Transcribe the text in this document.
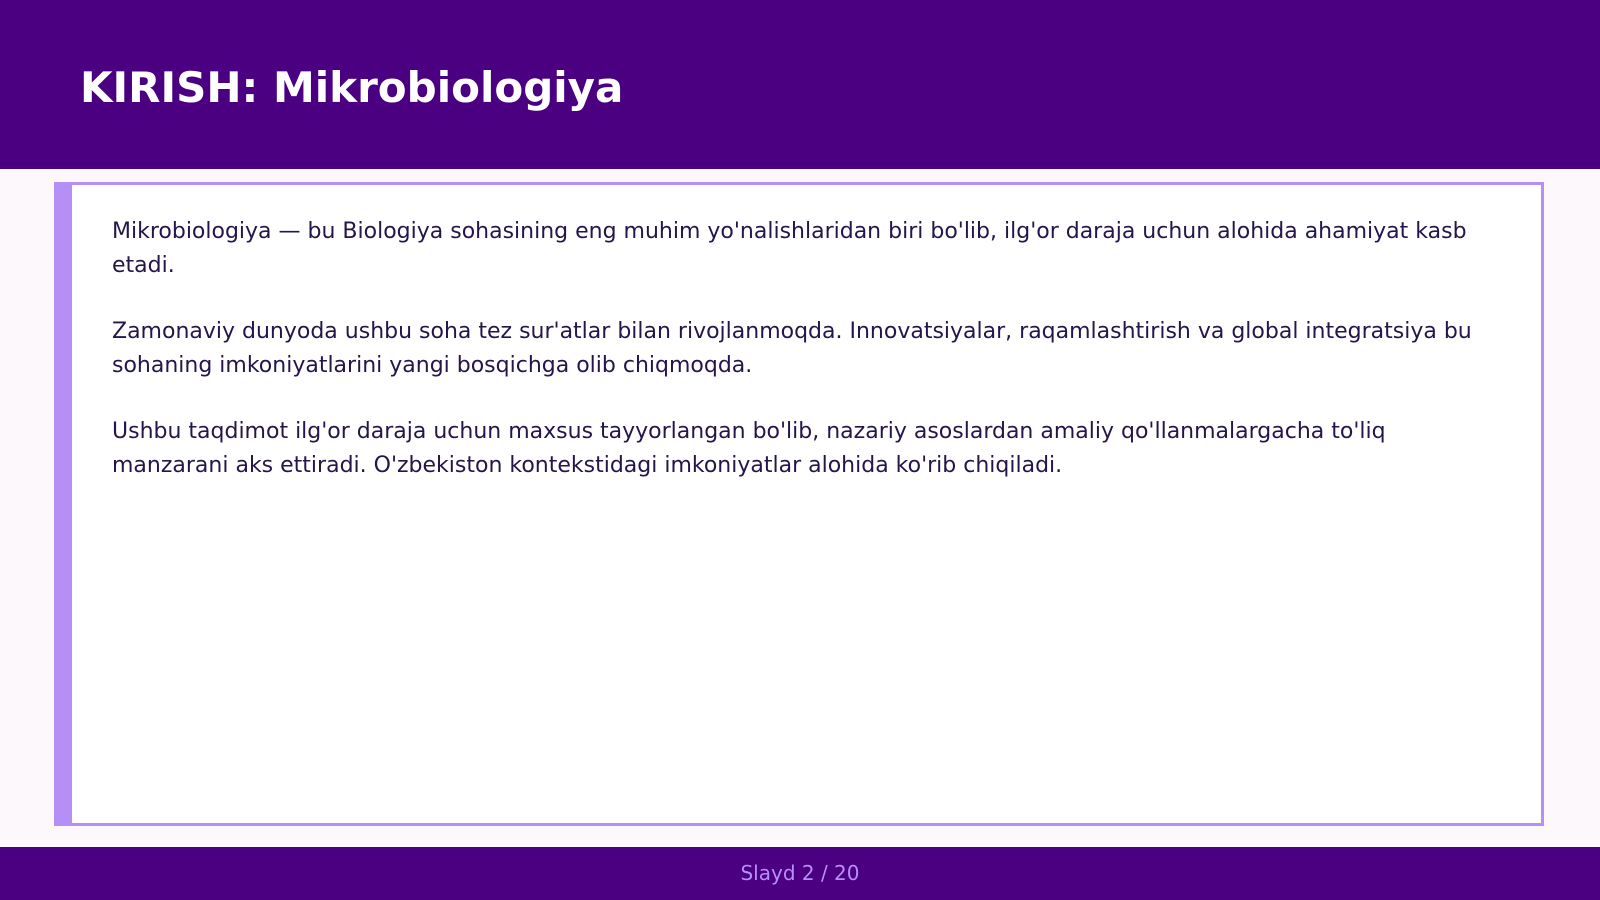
KIRISH: Mikrobiologiya

Mikrobiologiya — bu Biologiya sohasining eng muhim yo'nalishlaridan biri bo'lib, ilg'or daraja uchun alohida ahamiyat kasb etadi.

Zamonaviy dunyoda ushbu soha tez sur'atlar bilan rivojlanmoqda. Innovatsiyalar, raqamlashtirish va global integratsiya bu sohaning imkoniyatlarini yangi bosqichga olib chiqmoqda.

Ushbu taqdimot ilg'or daraja uchun maxsus tayyorlangan bo'lib, nazariy asoslardan amaliy qo'llanmalargacha to'liq manzarani aks ettiradi. O'zbekiston kontekstidagi imkoniyatlar alohida ko'rib chiqiladi.

Slayd 2 / 20
